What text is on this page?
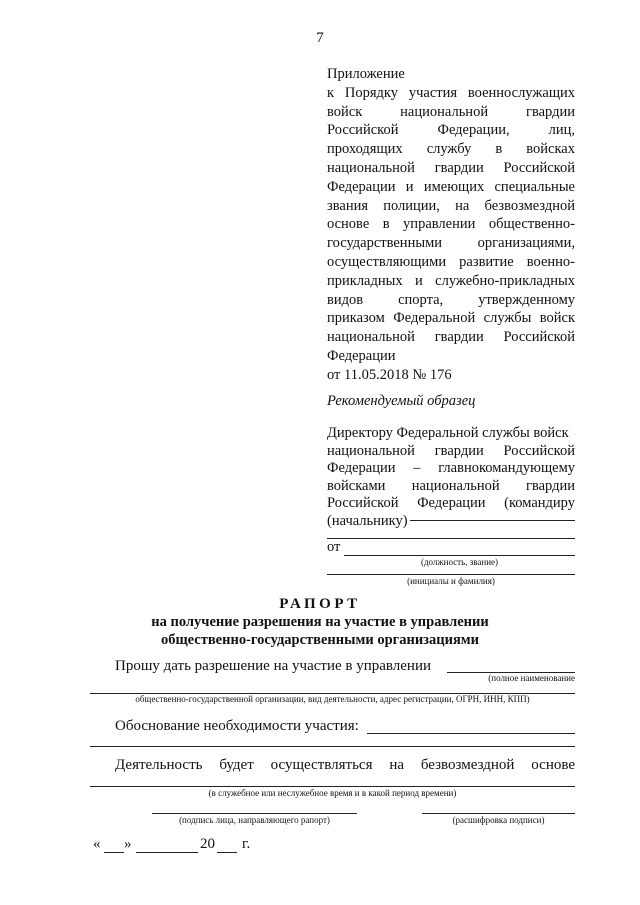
7
Приложение
к Порядку участия военнослужащих
войск национальной гвардии
Российской Федерации, лиц,
проходящих службу в войсках
национальной гвардии Российской
Федерации и имеющих специальные
звания полиции, на безвозмездной
основе в управлении общественно-
государственными организациями,
осуществляющими развитие военно-
прикладных и служебно-прикладных
видов спорта, утвержденному
приказом Федеральной службы войск
национальной гвардии Российской
Федерации
от 11.05.2018 № 176
Рекомендуемый образец
Директору Федеральной службы войск
национальной гвардии Российской
Федерации – главнокомандующему
войсками национальной гвардии
Российской Федерации (командиру
(начальнику)
от
(должность, звание)
(инициалы и фамилия)
РАПОРТ
на получение разрешения на участие в управлении
общественно-государственными организациями
Прошу дать разрешение на участие в управлении
(полное наименование
общественно-государственной организации, вид деятельности, адрес регистрации, ОГРН, ИНН, КПП)
Обоснование необходимости участия:
Деятельность будет осуществляться на безвозмездной основе
(в служебное или неслужебное время и в какой период времени)
(подпись лица, направляющего рапорт)	(расшифровка подписи)
« »	20 г.
